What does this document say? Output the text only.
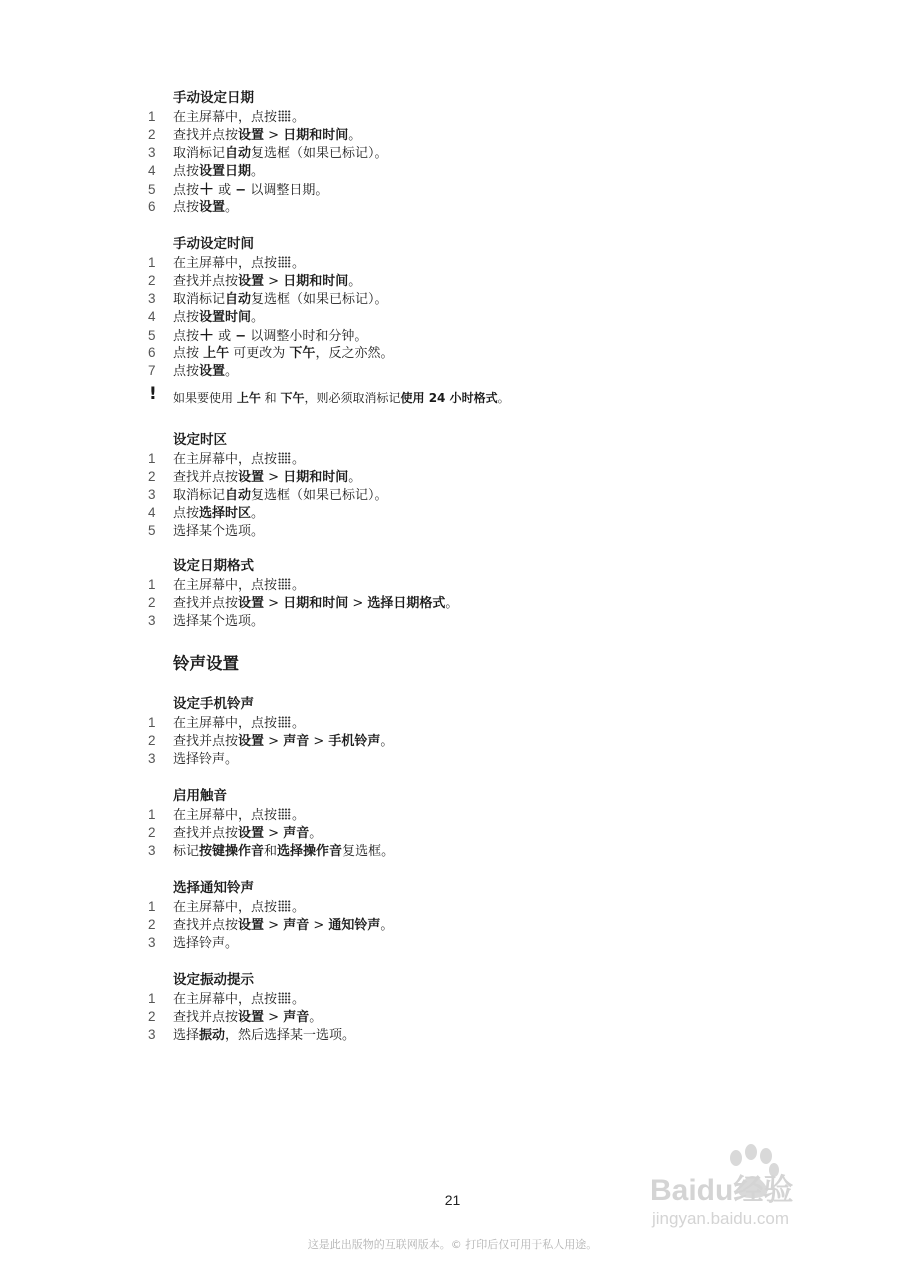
手动设定日期
1 在主屏幕中，点按 。
2 查找并点按设置 > 日期和时间。
3 取消标记自动复选框（如果已标记）。
4 点按设置日期。
5 点按＋ 或 − 以调整日期。
6 点按设置。
手动设定时间
1 在主屏幕中，点按 。
2 查找并点按设置 > 日期和时间。
3 取消标记自动复选框（如果已标记）。
4 点按设置时间。
5 点按＋ 或 − 以调整小时和分钟。
6 点按 上午 可更改为 下午，反之亦然。
7 点按设置。
! 如果要使用 上午 和 下午，则必须取消标记使用 24 小时格式。
设定时区
1 在主屏幕中，点按 。
2 查找并点按设置 > 日期和时间。
3 取消标记自动复选框（如果已标记）。
4 点按选择时区。
5 选择某个选项。
设定日期格式
1 在主屏幕中，点按 。
2 查找并点按设置 > 日期和时间 > 选择日期格式。
3 选择某个选项。
铃声设置
设定手机铃声
1 在主屏幕中，点按 。
2 查找并点按设置 > 声音 > 手机铃声。
3 选择铃声。
启用触音
1 在主屏幕中，点按 。
2 查找并点按设置 > 声音。
3 标记按键操作音和选择操作音复选框。
选择通知铃声
1 在主屏幕中，点按 。
2 查找并点按设置 > 声音 > 通知铃声。
3 选择铃声。
设定振动提示
1 在主屏幕中，点按 。
2 查找并点按设置 > 声音。
3 选择振动，然后选择某一选项。
21	Baidu经验
jingyan.baidu.com
这是此出版物的互联网版本。© 打印后仅可用于私人用途。
